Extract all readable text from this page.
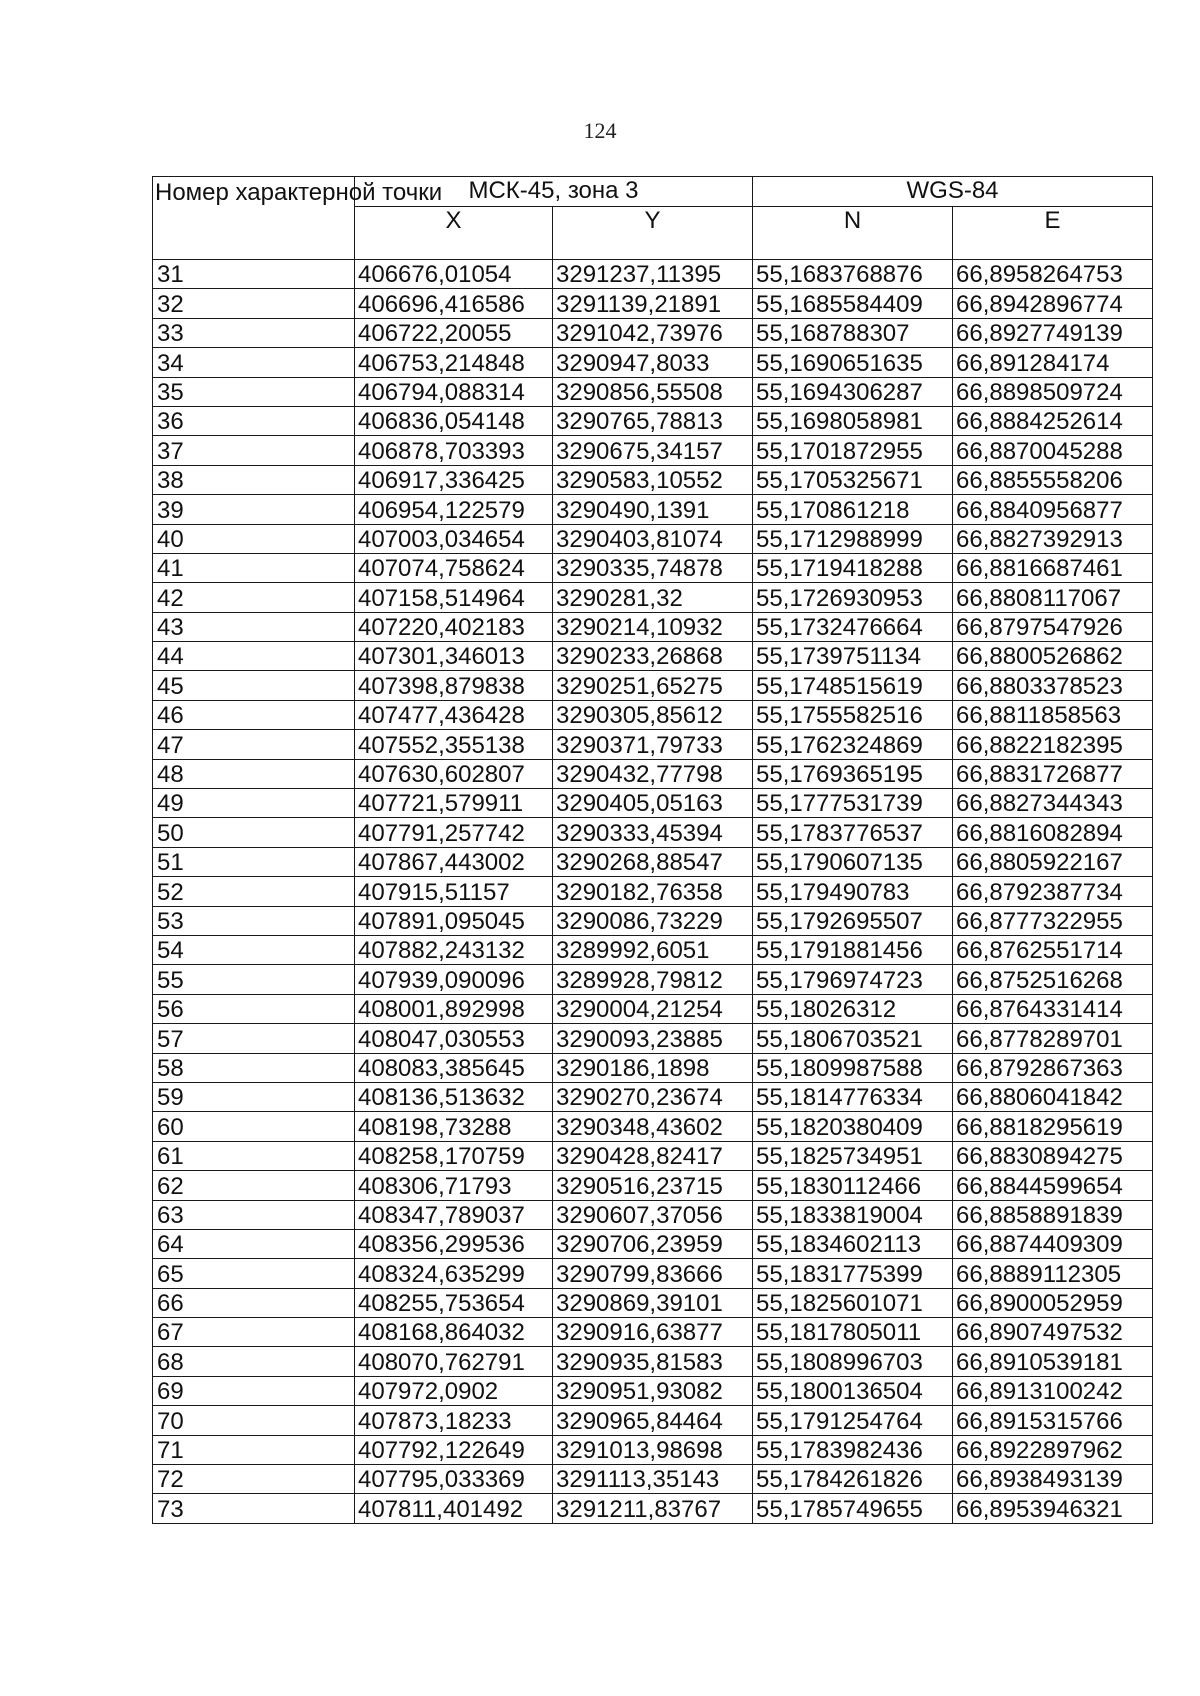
124
Номер характерной точки	МСК-45, зона 3		WGS-84	
	X	Y	N	E
31	406676,01054	3291237,11395	55,1683768876	66,8958264753
32	406696,416586	3291139,21891	55,1685584409	66,8942896774
33	406722,20055	3291042,73976	55,168788307	66,8927749139
34	406753,214848	3290947,8033	55,1690651635	66,891284174
35	406794,088314	3290856,55508	55,1694306287	66,8898509724
36	406836,054148	3290765,78813	55,1698058981	66,8884252614
37	406878,703393	3290675,34157	55,1701872955	66,8870045288
38	406917,336425	3290583,10552	55,1705325671	66,8855558206
39	406954,122579	3290490,1391	55,170861218	66,8840956877
40	407003,034654	3290403,81074	55,1712988999	66,8827392913
41	407074,758624	3290335,74878	55,1719418288	66,8816687461
42	407158,514964	3290281,32	55,1726930953	66,8808117067
43	407220,402183	3290214,10932	55,1732476664	66,8797547926
44	407301,346013	3290233,26868	55,1739751134	66,8800526862
45	407398,879838	3290251,65275	55,1748515619	66,8803378523
46	407477,436428	3290305,85612	55,1755582516	66,8811858563
47	407552,355138	3290371,79733	55,1762324869	66,8822182395
48	407630,602807	3290432,77798	55,1769365195	66,8831726877
49	407721,579911	3290405,05163	55,1777531739	66,8827344343
50	407791,257742	3290333,45394	55,1783776537	66,8816082894
51	407867,443002	3290268,88547	55,1790607135	66,8805922167
52	407915,51157	3290182,76358	55,179490783	66,8792387734
53	407891,095045	3290086,73229	55,1792695507	66,8777322955
54	407882,243132	3289992,6051	55,1791881456	66,8762551714
55	407939,090096	3289928,79812	55,1796974723	66,8752516268
56	408001,892998	3290004,21254	55,18026312	66,8764331414
57	408047,030553	3290093,23885	55,1806703521	66,8778289701
58	408083,385645	3290186,1898	55,1809987588	66,8792867363
59	408136,513632	3290270,23674	55,1814776334	66,8806041842
60	408198,73288	3290348,43602	55,1820380409	66,8818295619
61	408258,170759	3290428,82417	55,1825734951	66,8830894275
62	408306,71793	3290516,23715	55,1830112466	66,8844599654
63	408347,789037	3290607,37056	55,1833819004	66,8858891839
64	408356,299536	3290706,23959	55,1834602113	66,8874409309
65	408324,635299	3290799,83666	55,1831775399	66,8889112305
66	408255,753654	3290869,39101	55,1825601071	66,8900052959
67	408168,864032	3290916,63877	55,1817805011	66,8907497532
68	408070,762791	3290935,81583	55,1808996703	66,8910539181
69	407972,0902	3290951,93082	55,1800136504	66,8913100242
70	407873,18233	3290965,84464	55,1791254764	66,8915315766
71	407792,122649	3291013,98698	55,1783982436	66,8922897962
72	407795,033369	3291113,35143	55,1784261826	66,8938493139
73	407811,401492	3291211,83767	55,1785749655	66,8953946321
